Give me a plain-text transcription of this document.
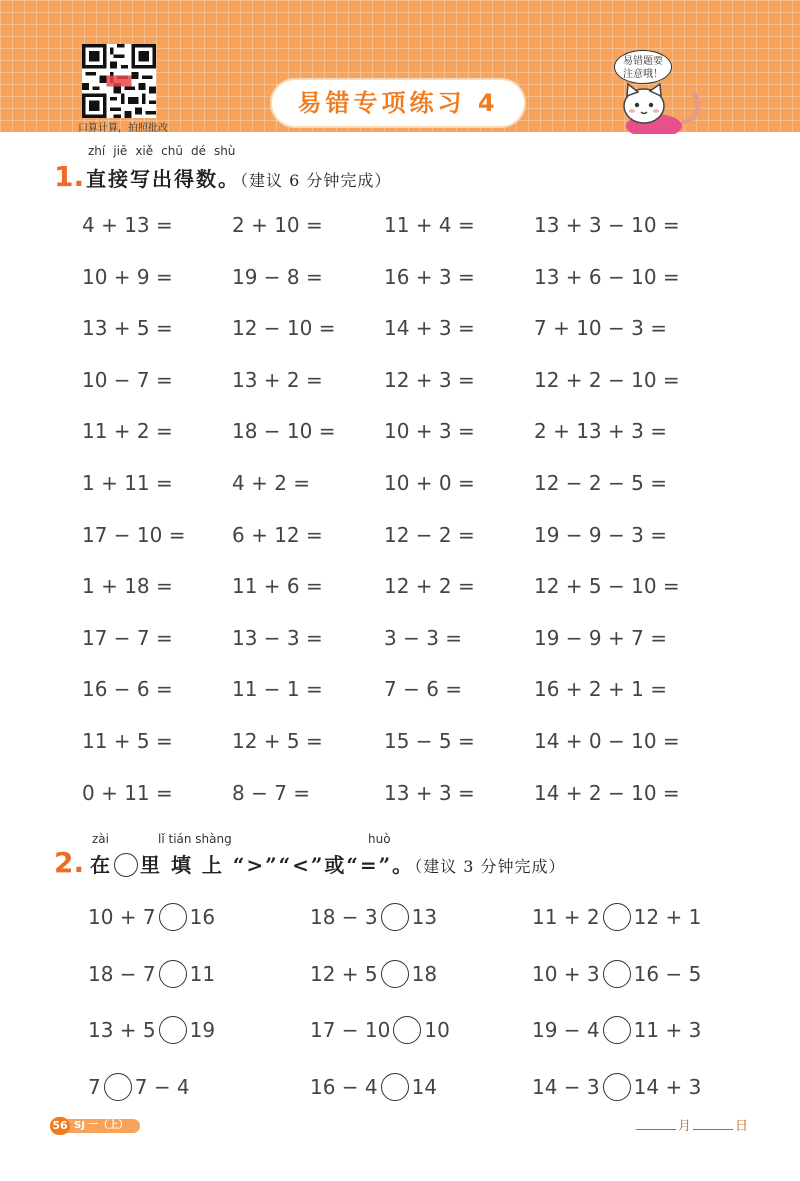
口算计算，拍照批改
易错专项练习 4
易错题要
注意哦！
zhí jiē xiě chū dé shù
1. 直接写出得数。（建议 6 分钟完成）
4 + 13 =	2 + 10 =	11 + 4 =	13 + 3 − 10 =
10 + 9 =	19 − 8 =	16 + 3 =	13 + 6 − 10 =
13 + 5 =	12 − 10 = 14 + 3 =	7 + 10 − 3 =
10 − 7 =	13 + 2 =	12 + 3 =	12 + 2 − 10 =
11 + 2 =	18 − 10 = 10 + 3 =	2 + 13 + 3 =
1 + 11 =	4 + 2 =	10 + 0 =	12 − 2 − 5 =
17 − 10 = 6 + 12 =	12 − 2 =	19 − 9 − 3 =
1 + 18 =	11 + 6 =	12 + 2 =	12 + 5 − 10 =
17 − 7 =	13 − 3 =	3 − 3 =	19 − 9 + 7 =
16 − 6 =	11 − 1 =	7 − 6 =	16 + 2 + 1 =
11 + 5 =	12 + 5 =	15 − 5 =	14 + 0 − 10 =
0 + 11 =	8 − 7 =	13 + 3 =	14 + 2 − 10 =
zài	lǐ tián shàng	huò
2. 在 里 填 上 “>”“<”或“=”。（建议 3 分钟完成）
10 + 7 16	18 − 3 13	11 + 2 12 + 1
18 − 7 11	12 + 5 18	10 + 3 16 − 5
13 + 5 19	17 − 10 10	19 − 4 11 + 3
7 7 − 4	16 − 4 14	14 − 3 14 + 3
SJ 一（上）
56	月	日
